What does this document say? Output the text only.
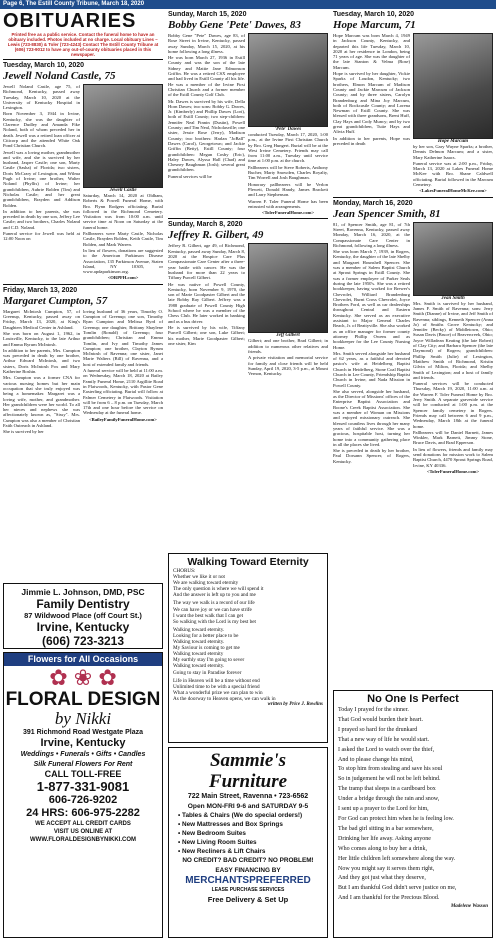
Page 6, The Estill County Tribune, March 18, 2020
OBITUARIES
Printed free as a public service. Contact the funeral home to have an obituary included. Photos included at no charge. Local obituary Lines – Lewis (723-8830) & Toler (723-4243) Contact The Estill County Tribune at (606) 723-9012 to have any out-of-county obituaries placed in this newspaper.
Tuesday, March 10, 2020
Jewell Noland Castle, 75

Jewell Noland Castle, age 75, of Richmond, Kentucky, passed away Tuesday, March 10, 2020 at the University of Kentucky Hospital in Lexington.

Born November 3, 1944 in Irvine, Kentucky, she was the daughter of Clarence Dudley and Amanda Fike Noland, both of whom preceded her in death. Jewell was a retired loan officer at Citicorp and the attended White Oak Pond Christian Church.

Jewell was a loving mother, grandmother and wife, and she is survived by her husband, Jasper Castle; one son, Marty Castle (Sasha) of Florida; two sisters, Doris McCrary of Lexington, and Wilma Pugh of Irvine; one brother, Walter Noland (Phyllis) of Irvine; her grandchildren, Aubrie Bolden (Tim) and Nicholas Castle; and her great grandchildren, Brayden and Addison Bolden.

In addition to her parents, she was preceded in death by one son, Jeffery Lee Castle; and two brothers, Charles Noland and C.D. Noland.

Funeral service for Jewell was held at 12:00 Noon on

Jewell Castle

Saturday, March 14, 2020 at Oldham, Roberts & Powell Funeral Home, with Bro. Flynn Rodgers officiating. Burial followed in the Richmond Cemetery. Visitation was from 10:00 a.m. until service time at Noon on Saturday at the funeral home.

Pallbearers were Marty Castle, Nicholas Castle, Brayden Bolden, Keith Castle, Tim Bolden, and Mark Warren.

In lieu of flowers, donations are suggested to the American Parkinson Disease Association, 135 Parkinson Avenue, Staten Island, NY 10305, or www.apdaparkinson.org.

<ORPFH.com>

Friday, March 13, 2020
Margaret Cumpton, 57

Margaret McIntosh Cumpton, 57, of Greenup, Kentucky, passed away on Friday, March 13, 2020, at King's Daughters Medical Center in Ashland.

She was born on August 1, 1962, in Louisville, Kentucky, to the late Arthur and Emma Byrum McIntosh.

In addition to her parents, Mrs. Cumpton was preceded in death by one brother, Arthur Edward McIntosh, and two sisters, Doris McIntosh Fox and Mary Katherine Boshin.

Mrs. Cumpton was a former CNA for various nursing homes but her main occupation that she truly enjoyed was being a homemaker. Margaret was a loving wife, mother, and grandmother. Her grandchildren were her world. To all her nieces and nephews she was affectionately known as, "Sissy". Mrs. Cumpton was also a member of Christian Faith Outreach in Ashland.

She is survived by her

loving husband of 36 years, Timothy O. Cumpton of Greenup; one son, Timothy Ryan Cumpton and Melissa Byrd of Greenup; one daughter, Brittany Shaylene Tomlin (Ronald) of Greenup; four grandchildren; Christian and Emma Tomlin, and Ivy and Timothy James Cumpton; one brother, Clayton Byrum McIntosh of Ravenna; one sister, Janet Marie Walters (Bill) of Ravenna, and a host of extended family and friends.

A funeral service will be held at 11:00 a.m. on Wednesday, March 18, 2020 at Bailey Family Funeral Home, 2110 Argillite Road in Flatwoods, Kentucky, with Pastor Gene Easterling officiating. Burial will follow at Palmer Cemetery in Flatwoods. Visitation will be from 6 – 8 p.m. on Tuesday, March 17th and one hour before the service on Wednesday at the funeral home.

<BaileyFamilyFuneralHome.com>

Jimmie L. Johnson, DMD, PSC
Family Dentistry
87 Wildwood Place (off Court St.)
Irvine, Kentucky
(606) 723-3213
Flowers for All Occasions
✿ ❀ ✿
FLORAL DESIGN
by Nikki
391 Richmond Road Westgate Plaza
Irvine, Kentucky
Weddings • Funerals • Gifts • Candles
Silk Funeral Flowers For Rent
CALL TOLL-FREE
1-877-331-9081
606-726-9202
24 HRS: 606-975-2282
WE ACCEPT ALL CREDIT CARDS
VISIT US ONLINE AT
WWW.FLORALDESIGNBYNIKKI.COM
Sunday, March 15, 2020
Bobby Gene 'Pete' Dawes, 83

Bobby Gene "Pete" Dawes, age 83, of Rose Street in Irvine, Kentucky, passed away Sunday, March 15, 2020, at his home following a long illness.

He was born March 27, 1936 in Estill County and was the son of the late Sidney and Mattie Jane Edmonson Griffin. He was a retired CSX employee and had lived in Estill County all his life. He was a member of the Irvine First Christian Church and a former member of the Estill County Golf Club.

Mr. Dawes is survived by his wife, Della Horn Dawes; two sons: Bobby G. Dawes, Jr. (Kimberly) and Phillip Dawes (Lori), both of Estill County; two step-children: Jennifer Neal Finnin (Dustin), Powell County; and Tim Neal, Nicholasville; one sister, Jessie Rose (Jerry), Madison County; two brothers: Harlan "JoBall" Dawes (Carol), Georgetown; and Jackie Griffin (Betty), Estill County; four grandchildren: Megan Cosby (Eric), Haley Dawes, Alyssa Hall (Chad) and Chesney Baughman (Josh); several great grandchildren.

Funeral services will be

'Pete' Dawes

conducted Tuesday, March 17, 2020, 1:00 p.m., at the Irvine First Christian Church by Bro. Greg Hungert. Burial will be at the West Irvine Cemetery. Friends may call from 11:00 a.m., Tuesday until service time at 1:00 p.m. at the church.

Pallbearers will be Steve Roberts, Anthony Bucher, Marty Snowden, Charles Royalty, Tim Worrell and Josh Baughman.

Honorary pallbearers will be Verlon Plewett, Donald Handy, James Brackett and Larry Stephenson.

Warren F. Toler Funeral Home has been entrusted with arrangements.

<TolerFuneralHome.com>

Sunday, March 8, 2020
Jeffrey R. Gilbert, 49

Jeffrey R. Gilbert, age 49, of Richmond, Kentucky, passed away Sunday, March 8, 2020 at the Hospice Care Plus Compassionate Care Center after a three-year battle with cancer. He was the husband for more than 22 years to Tiffany Purcell Gilbert.

He was native of Powell County, Kentucky, born November 9, 1970, the son of Marie Goodpaster Gilbert and the late Bobby Ray Gilbert. Jeffrey was a 1988 graduate of Powell County High School where he was a member of the Chess Club. He later worked in banking and as a bus driver.

He is survived by his wife, Tiffany Purcell Gilbert; one son, Luke Gilbert; his mother, Marie Goodpaster Gilbert; one sister, Kim

Jeff Gilbert

Gilbert; and one brother, Brad Gilbert; in addition to numerous other relatives and friends.

A private visitation and memorial service for family and close friends will be held Sunday, April 19, 2020, 3-5 p.m., at Mount Vernon, Kentucky.

Walking Toward Eternity
CHORUS:
Whether we like it or not
We are walking toward eternity
The only question is where we will spend it
And the answer is left up to you and me

The way we walk is a record of our life
We can have joy or we can have strife
I want the best walk that I can get
So walking with the Lord is my best bet

Walking toward eternity.
Looking for a better place to be
Walking toward eternity.
My Saviour is coming to get me
Walking toward eternity
My earthly stay I'm going to sever
Walking toward eternity.
Going to stay in Paradise forever

Life in Heaven will be a time without end
Unlimited time to be with a special friend
What a wonderful prize we can plan to win
As the doorway to Heaven opens, we can walk in
written by Price J. Rowlins
Sammie's Furniture
722 Main Street, Ravenna • 723-6562
Open MON-FRI 9-6 and SATURDAY 9-5
• Tables & Chairs (We do special orders!)
• New Mattresses and Box Springs
• New Bedroom Suites
• New Living Room Suites
• New Recliners & Lift Chairs
NO CREDIT? BAD CREDIT? NO PROBLEM!
EASY FINANCING BY
MERCHANTSPREFERRED
LEASE PURCHASE SERVICES
Free Delivery & Set Up
Tuesday, March 10, 2020
Hope Marcum, 71

Hope Marcum was born March 4, 1949 in Jackson County, Kentucky, and departed this life Tuesday, March 10, 2020 at her residence in London, being 71 years of age. She was the daughter of the late Stanton & Velma (Rose) Marcum.

Hope is survived by her daughter, Vickie Sparks of Loudon, Kentucky; two brothers, Elmon Marcum of Madison County and Jackie Marcum of Jackson County; and by three sisters, Carolyn Brandenburg and Mina Joy Marcum, both of Rockcastle County; and Lorena Newman of Estill County. She was blessed with three grandsons, Brent Huff, Clay Hays and Cody Muncy; and by two great grandchildren, Tuiie Hays and Alivia Huff.

In addition to her parents, Hope was preceded in death	Hope Marcum

by her son, Gary Wayne Sparks; a brother, Dennis Delmon Marcum; and a sister, Mary Katherine Isaacs.

Funeral service was at 2:00 p.m., Friday, March 13, 2020 at Lakes Funeral Home McKee with Bro. Shane Caldwell officiating. Burial followed in the Marcum Cemetery.

<LakesFuneralHomeMcKee.com>

Monday, March 16, 2020
Jean Spencer Smith, 81

81, of Spencer Smith, age 81, of 7th Street, Ravenna, Kentucky, passed away Monday, March 16, 2020, at the Compassionate Care Center in Richmond, following a long illness.

She was born March 7, 1939, in Rogers, Kentucky, the daughter of the late Shelby and Margaret Hounshell Spencer. She was a member of Salem Baptist Church at Sprout Springs in Estill County. She was a former employee of Parker Seals during the late 1950's. She was a retired bookkeeper, having worked for Brewer's Chevrolet, Williard Brandenburg Chevrolet, Burnt Cross Chevrolet, Joyce Brothers Ford, as well as car dealerships throughout Central and Eastern Kentucky. She served as an executive assistant to Major General Charles Beach, Jr. of Beattyville. She also worked as an office manager for former county attorney Phillip Owens and as bookkeeper for the Lee County Nursing Home.

Mrs. Smith served alongside her husband of 62 years, as a faithful and devoted pastor's wife at Heidelberg Baptist Church in Heidelberg, Stone Coal Baptist Church in Lee County, Friendship Baptist Church in Irvine, and Nada Mission in Powell County.

She also served, alongside her husband, as the Director of Missions' offices of the Enterprise Baptist Association and Boone's Creek Baptist Association. She was a member of Woman on Missions and enjoyed missionary outreach. She blessed countless lives through her many years of faithful service. She was a gracious, hospitable host, turning her home into a community gathering place in all the places she lived.

She is preceded in death by her brother, Paul Dorsann Spencer, of Rogers, Kentucky.

Jean Smith

Mrs. Smith is survived by her husband, James F. Smith of Ravenna; sons: Jerry Smith (Dianne) of Irvine, and Jeff Smith of Ravenna; siblings, Kenneth Spencer (Anna Jo) of Smiths Grove Kentucky; and Jennifer (Becky) of Middletown, Ohio; Susan Davis (Bruce) of Beavercreek, Ohio; Joyce Willadean Keating (the late Robert) of Clay City; and Barbara Spencer (the late Daymond) of Rogers; grandchildren: Phillip Smith (Julie) of Lexington, Matthew Smith of Richmond, Kristin Gilvin of Milton, Florida; and Shelby Smith of Lexington; and a host of family and friends.

Funeral services will be conducted Thursday, March 19, 2020, 11:00 a.m. at the Warren F. Toler Funeral Home by Bro. Jerry Smith. A separate graveside service will be conducted at 1:00 p.m. at the Spencer family cemetery in Rogers. Friends may call between 6 and 9 p.m., Wednesday, March 18th at the funeral home.

Pallbearers will be Daniel Barnett, James Winkler, Mark Barnett, Jimmy Stone, Bruce Davis, and Brad Epperson.

In lieu of flowers, friends and family may send donations for mission work to Salem Baptist Church, 4470 Sprout Springs Road, Irvine, KY 40336.

<TolerFuneralHome.com>

No One Is Perfect
Today I prayed for the sinner.
That God would burden their heart.
I prayed so hard for the drunkard
That a new way of life he would start.
I asked the Lord to watch over the thief,
And to please change his mind,
To stop him from stealing and save his soul
So in judgement he will not be left behind.
The tramp that sleeps in a cardboard box
Under a bridge through the rain and snow,
I sent up a prayer to the Lord for him,
For God can protect him when he is feeling low.
The bad girl sitting in a bar somewhere,
Drinking her life away. Asking anyone
Who comes along to buy her a drink,
Her little children left somewhere along the way.
Now you might say it serves them right,
And they got just what they deserve,
But I am thankful God didn't serve justice on me,
And I am thankful for the Precious Blood.
Madelene Wasson
